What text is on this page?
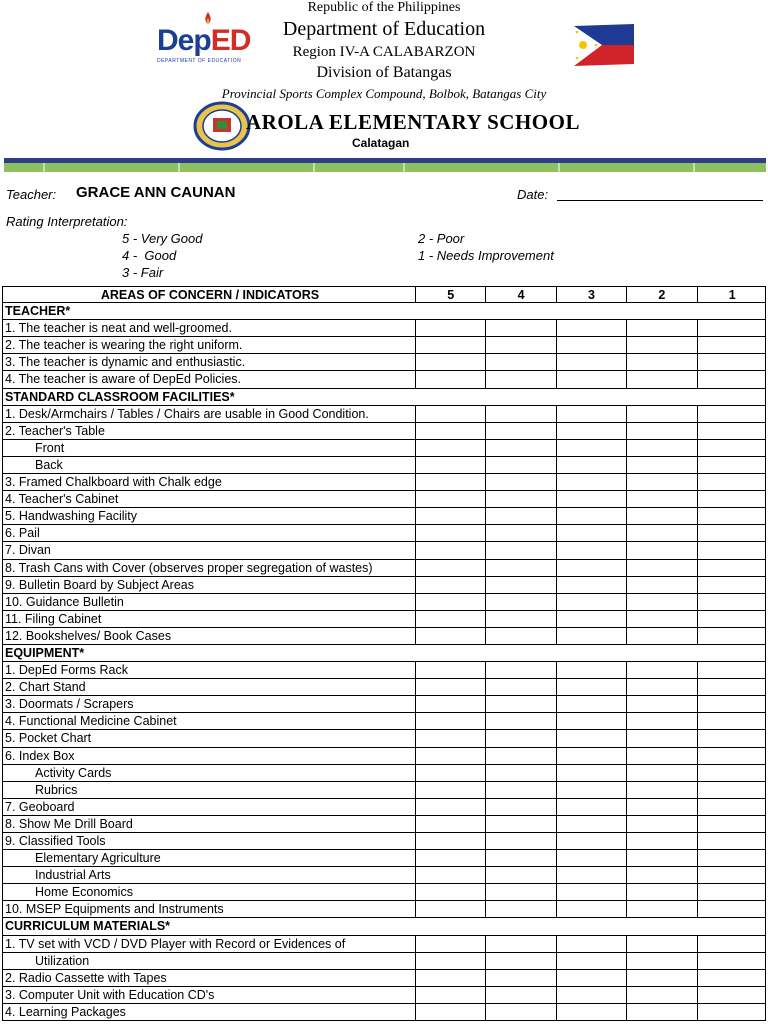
Republic of the Philippines
Department of Education
Region IV-A CALABARZON
Division of Batangas
Provincial Sports Complex Compound, Bolbok, Batangas City
DepED
DEPARTMENT OF EDUCATION
AROLA ELEMENTARY SCHOOL
Calatagan
Teacher: GRACE ANN CAUNAN	Date:
Rating Interpretation:
5 - Very Good
4 -  Good
3 - Fair
2 - Poor
1 - Needs Improvement
AREAS OF CONCERN / INDICATORS	5	4	3	2	1
TEACHER*
1. The teacher is neat and well-groomed.
2. The teacher is wearing the right uniform.
3. The teacher is dynamic and enthusiastic.
4. The teacher is aware of DepEd Policies.
STANDARD CLASSROOM FACILITIES*
1. Desk/Armchairs / Tables / Chairs are usable in Good Condition.
2. Teacher's Table
Front
Back
3. Framed Chalkboard with Chalk edge
4. Teacher's Cabinet
5. Handwashing Facility
6. Pail
7. Divan
8. Trash Cans with Cover (observes proper segregation of wastes)
9. Bulletin Board by Subject Areas
10. Guidance Bulletin
11. Filing Cabinet
12. Bookshelves/ Book Cases
EQUIPMENT*
1. DepEd Forms Rack
2. Chart Stand
3. Doormats / Scrapers
4. Functional Medicine Cabinet
5. Pocket Chart
6. Index Box
Activity Cards
Rubrics
7. Geoboard
8. Show Me Drill Board
9. Classified Tools
Elementary Agriculture
Industrial Arts
Home Economics
10. MSEP Equipments and Instruments
CURRICULUM MATERIALS*
1. TV set with VCD / DVD Player with Record or Evidences of
Utilization
2. Radio Cassette with Tapes
3. Computer Unit with Education CD's
4. Learning Packages
